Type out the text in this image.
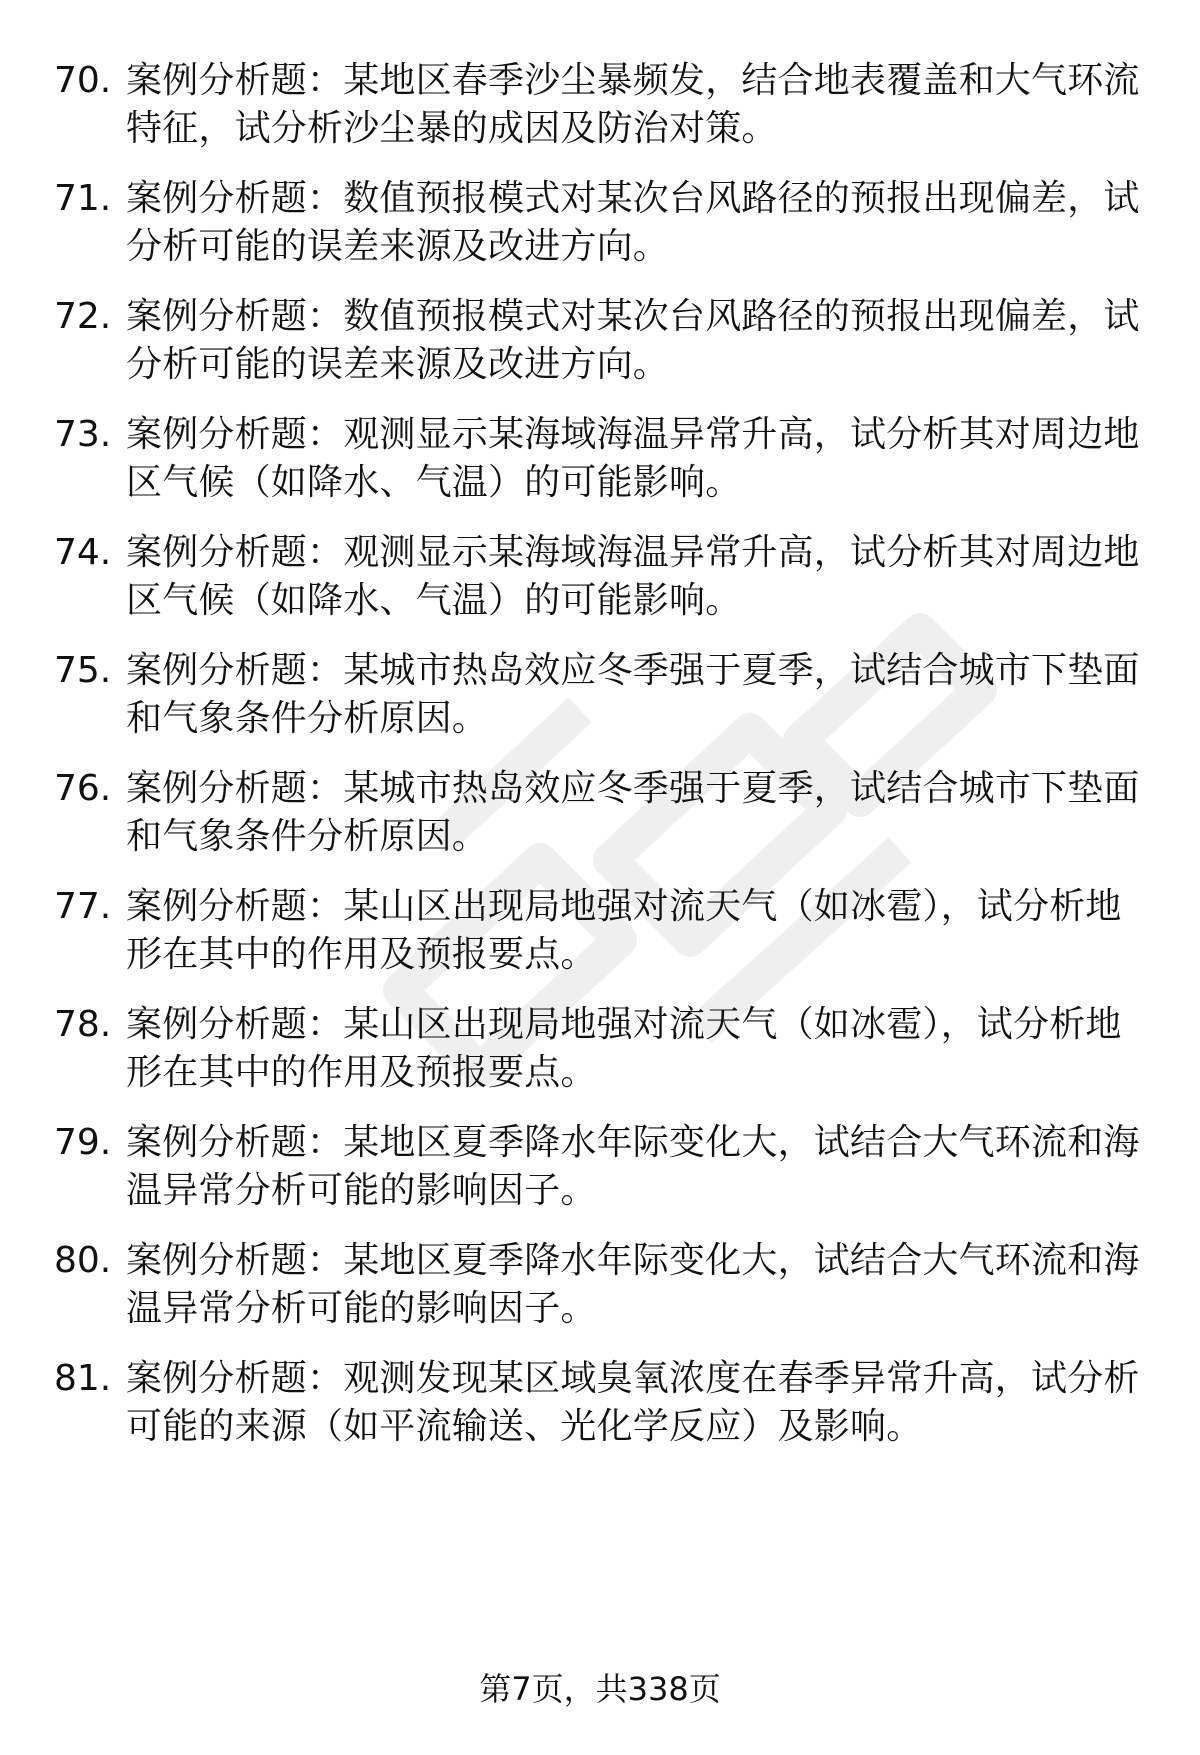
70. 案例分析题：某地区春季沙尘暴频发，结合地表覆盖和大气环流特征，试分析沙尘暴的成因及防治对策。
71. 案例分析题：数值预报模式对某次台风路径的预报出现偏差，试分析可能的误差来源及改进方向。
72. 案例分析题：数值预报模式对某次台风路径的预报出现偏差，试分析可能的误差来源及改进方向。
73. 案例分析题：观测显示某海域海温异常升高，试分析其对周边地区气候（如降水、气温）的可能影响。
74. 案例分析题：观测显示某海域海温异常升高，试分析其对周边地区气候（如降水、气温）的可能影响。
75. 案例分析题：某城市热岛效应冬季强于夏季，试结合城市下垫面和气象条件分析原因。
76. 案例分析题：某城市热岛效应冬季强于夏季，试结合城市下垫面和气象条件分析原因。
77. 案例分析题：某山区出现局地强对流天气（如冰雹），试分析地形在其中的作用及预报要点。
78. 案例分析题：某山区出现局地强对流天气（如冰雹），试分析地形在其中的作用及预报要点。
79. 案例分析题：某地区夏季降水年际变化大，试结合大气环流和海温异常分析可能的影响因子。
80. 案例分析题：某地区夏季降水年际变化大，试结合大气环流和海温异常分析可能的影响因子。
81. 案例分析题：观测发现某区域臭氧浓度在春季异常升高，试分析可能的来源（如平流输送、光化学反应）及影响。
第7页，共338页
